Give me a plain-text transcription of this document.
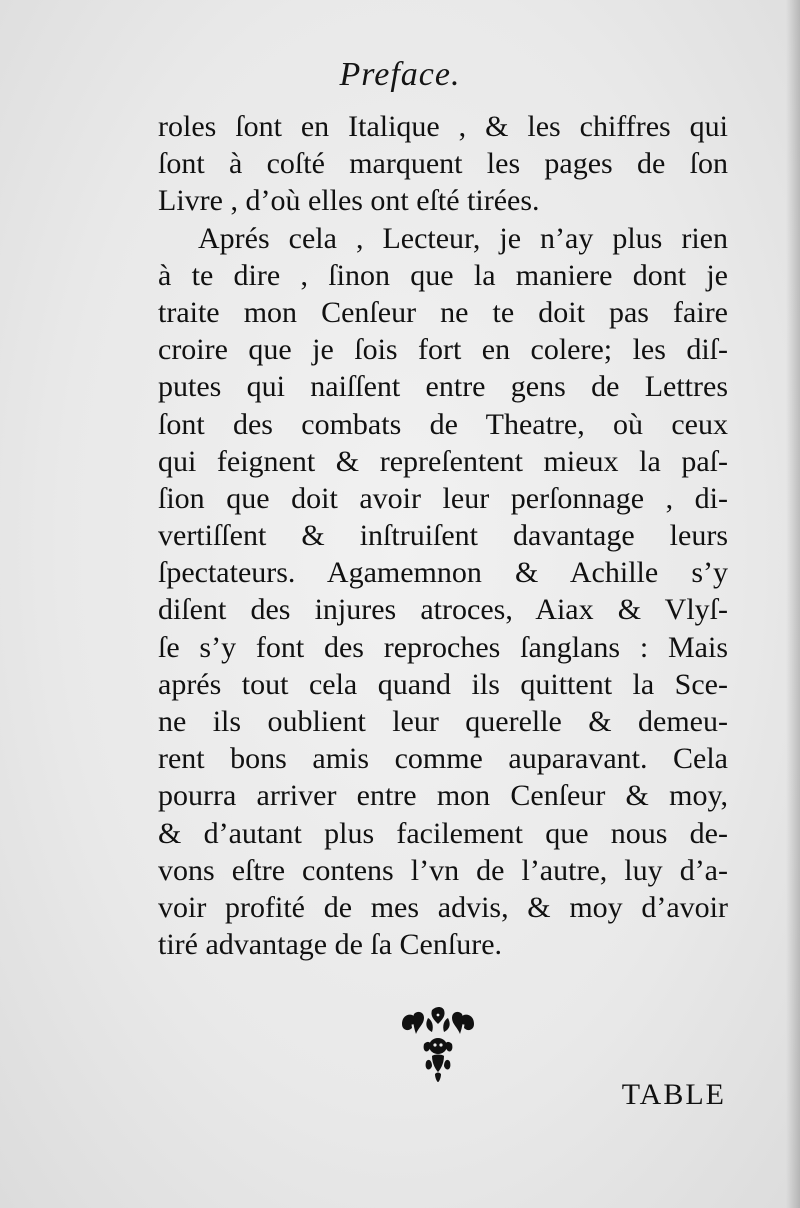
Preface.
roles ſont en Italique , & les chiffres qui
ſont à coſté marquent les pages de ſon
Livre , d’où elles ont eſté tirées.
Aprés cela , Lecteur, je n’ay plus rien
à te dire , ſinon que la maniere dont je
traite mon Cenſeur ne te doit pas faire
croire que je ſois fort en colere; les diſ-
putes qui naiſſent entre gens de Lettres
ſont des combats de Theatre, où ceux
qui feignent & repreſentent mieux la paſ-
ſion que doit avoir leur perſonnage , di-
vertiſſent & inſtruiſent davantage leurs
ſpectateurs. Agamemnon & Achille s’y
diſent des injures atroces, Aiax & Vlyſ-
ſe s’y font des reproches ſanglans : Mais
aprés tout cela quand ils quittent la Sce-
ne ils oublient leur querelle & demeu-
rent bons amis comme auparavant. Cela
pourra arriver entre mon Cenſeur & moy,
& d’autant plus facilement que nous de-
vons eſtre contens l’vn de l’autre, luy d’a-
voir profité de mes advis, & moy d’avoir
tiré advantage de ſa Cenſure.
TABLE
